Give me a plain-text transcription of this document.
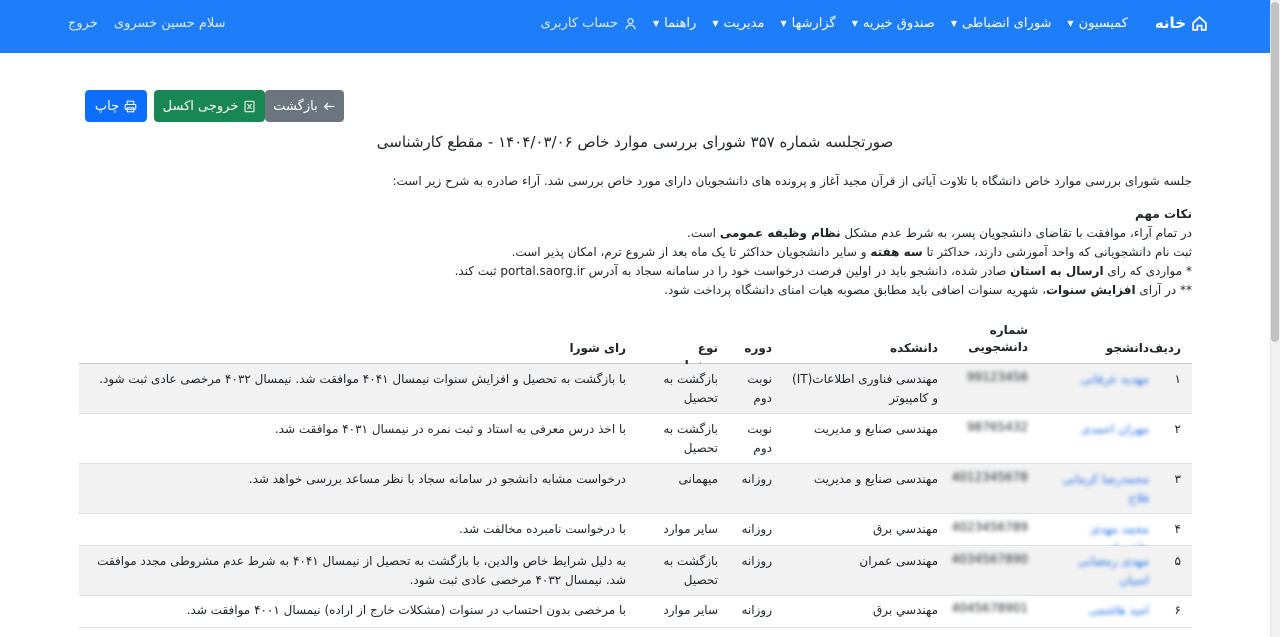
خانه
کمیسیون
▼
شورای انضباطی
▼
صندوق خیریه
▼
گزارشها
▼
مدیریت
▼
راهنما
▼
حساب کاربری
سلام حسین خسروی
خروج
بازگشت
خروجی اکسل
چاپ
صورتجلسه شماره ۳۵۷ شورای بررسی موارد خاص ۱۴۰۴/۰۳/۰۶ - مقطع کارشناسی
جلسه شورای بررسی موارد خاص دانشگاه با تلاوت آیاتی از قرآن مجید آغاز و پرونده های دانشجویان دارای مورد خاص بررسی شد. آراء صادره به شرح زیر است:
نکات مهم
در تمام آراء، موافقت با تقاضای دانشجویان پسر، به شرط عدم مشکل نظام وظیفه عمومی است.
ثبت نام دانشجویانی که واحد آموزشی دارند، حداکثر تا سه هفته و سایر دانشجویان حداکثر تا یک ماه بعد از شروع ترم، امکان پذیر است.
* مواردی که رای ارسال به استان صادر شده، دانشجو باید در اولین فرصت درخواست خود را در سامانه سجاد به آدرس portal.saorg.ir ثبت کند.
** در آرای افزایش سنوات، شهریه سنوات اضافی باید مطابق مصوبه هیات امنای دانشگاه پرداخت شود.
ردیف
دانشجو
شماره دانشجویی
دانشکده
دوره
نوع
رای شورا
۱
مهدیه عرفانی
99123456
مهندسی فناوری اطلاعات(IT) و کامپیوتر
نوبت دوم
بازگشت به تحصیل
با بازگشت به تحصیل و افزایش سنوات نیمسال ۴۰۴۱ موافقت شد. نیمسال ۴۰۳۲ مرخصی عادی ثبت شود.
۲
مهران احمدی
98765432
مهندسی صنایع و مدیریت
نوبت دوم
بازگشت به تحصیل
با اخذ درس معرفی به استاد و ثبت نمره در نیمسال ۴۰۳۱ موافقت شد.
۳
محمدرضا کرمانی فلاح
4012345678
مهندسی صنایع و مدیریت
روزانه
میهمانی
درخواست مشابه دانشجو در سامانه سجاد با نظر مساعد بررسی خواهد شد.
۴
محمد مهدی
4023456789
مهندسي برق
روزانه
سایر موارد
با درخواست نامبرده مخالفت شد.
۵
مهدی رمضانی اسیان
4034567890
مهندسی عمران
روزانه
بازگشت به تحصیل
به دلیل شرایط خاص والدین، با بازگشت به تحصیل از نیمسال ۴۰۴۱ به شرط عدم مشروطی مجدد موافقت شد. نیمسال ۴۰۳۲ مرخصی عادی ثبت شود.
۶
امید هاشمی
4045678901
مهندسي برق
روزانه
سایر موارد
با مرخصی بدون احتساب در سنوات (مشکلات خارج از اراده) نیمسال ۴۰۰۱ موافقت شد.
